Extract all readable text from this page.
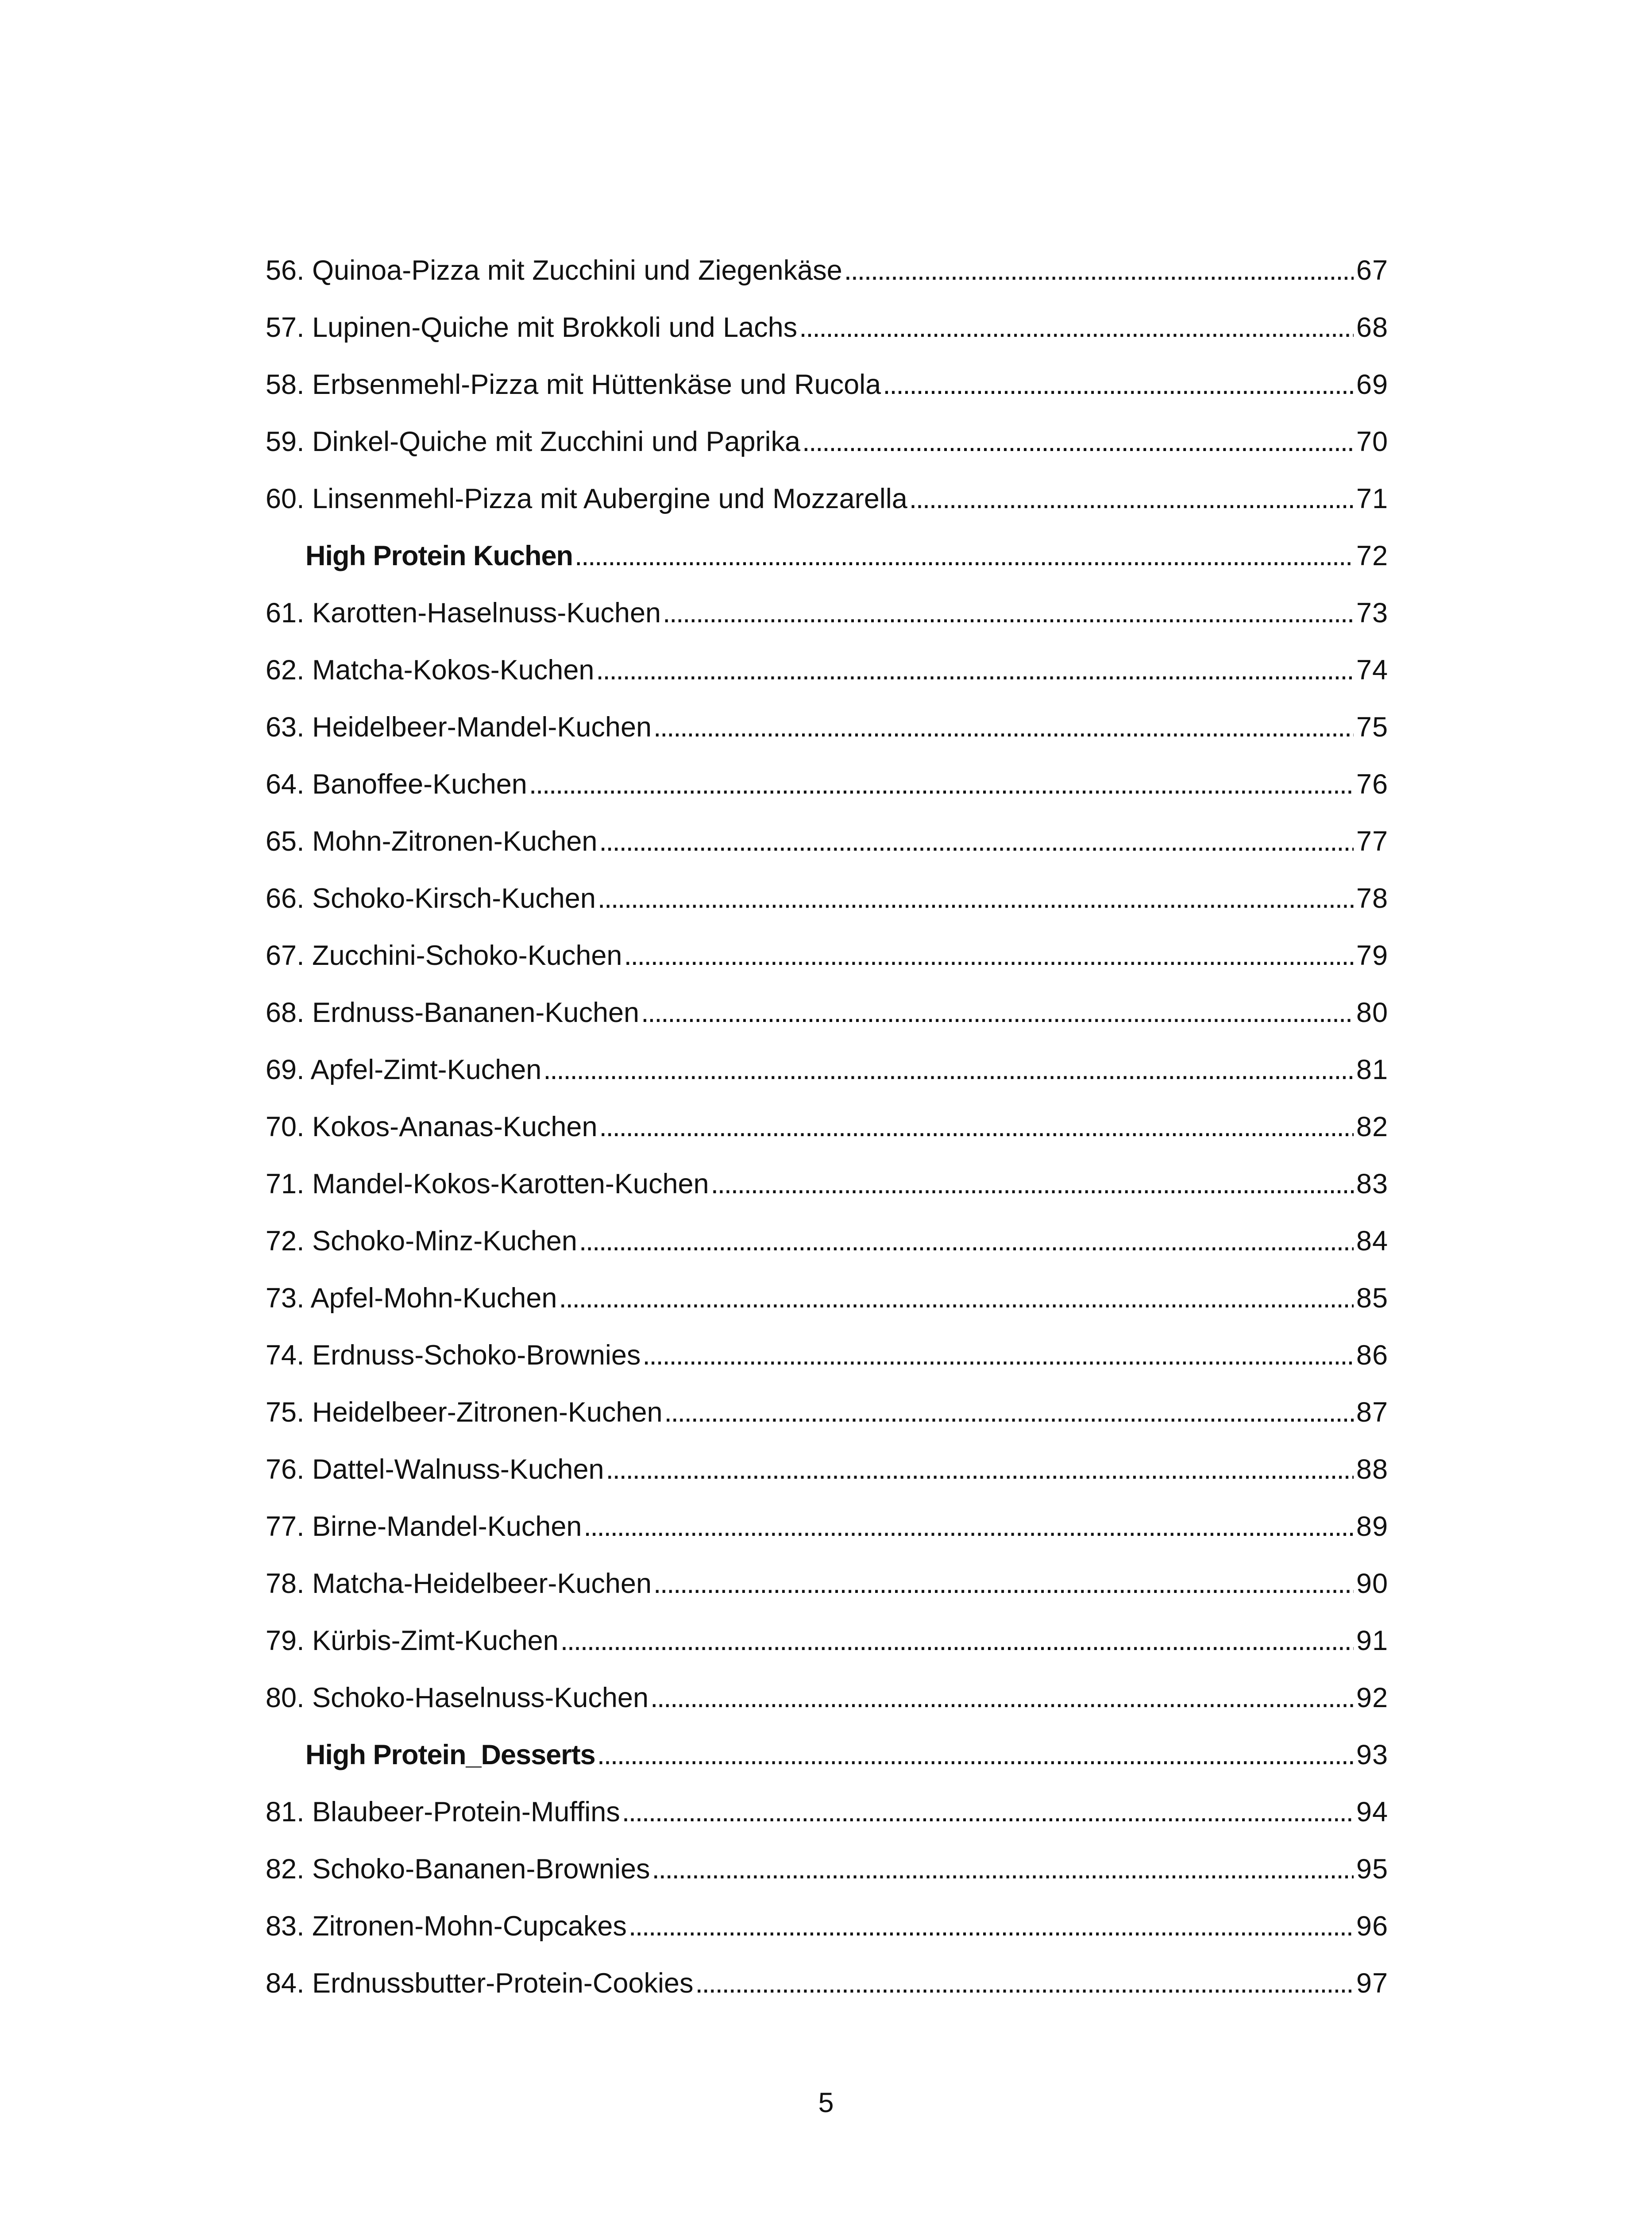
56. Quinoa-Pizza mit Zucchini und Ziegenkäse . . .	67
57. Lupinen-Quiche mit Brokkoli und Lachs . . .	68
58. Erbsenmehl-Pizza mit Hüttenkäse und Rucola . . .	69
59. Dinkel-Quiche mit Zucchini und Paprika . . .	70
60. Linsenmehl-Pizza mit Aubergine und Mozzarella . . .	71
High Protein Kuchen . . .	72
61. Karotten-Haselnuss-Kuchen . . .	73
62. Matcha-Kokos-Kuchen . . .	74
63. Heidelbeer-Mandel-Kuchen . . .	75
64. Banoffee-Kuchen . . .	76
65. Mohn-Zitronen-Kuchen . . .	77
66. Schoko-Kirsch-Kuchen . . .	78
67. Zucchini-Schoko-Kuchen . . .	79
68. Erdnuss-Bananen-Kuchen . . .	80
69. Apfel-Zimt-Kuchen . . .	81
70. Kokos-Ananas-Kuchen . . .	82
71. Mandel-Kokos-Karotten-Kuchen . . .	83
72. Schoko-Minz-Kuchen . . .	84
73. Apfel-Mohn-Kuchen . . .	85
74. Erdnuss-Schoko-Brownies . . .	86
75. Heidelbeer-Zitronen-Kuchen . . .	87
76. Dattel-Walnuss-Kuchen . . .	88
77. Birne-Mandel-Kuchen . . .	89
78. Matcha-Heidelbeer-Kuchen . . .	90
79. Kürbis-Zimt-Kuchen . . .	91
80. Schoko-Haselnuss-Kuchen . . .	92
High Protein_Desserts . . .	93
81. Blaubeer-Protein-Muffins . . .	94
82. Schoko-Bananen-Brownies . . .	95
83. Zitronen-Mohn-Cupcakes . . .	96
84. Erdnussbutter-Protein-Cookies . . .	97
5
